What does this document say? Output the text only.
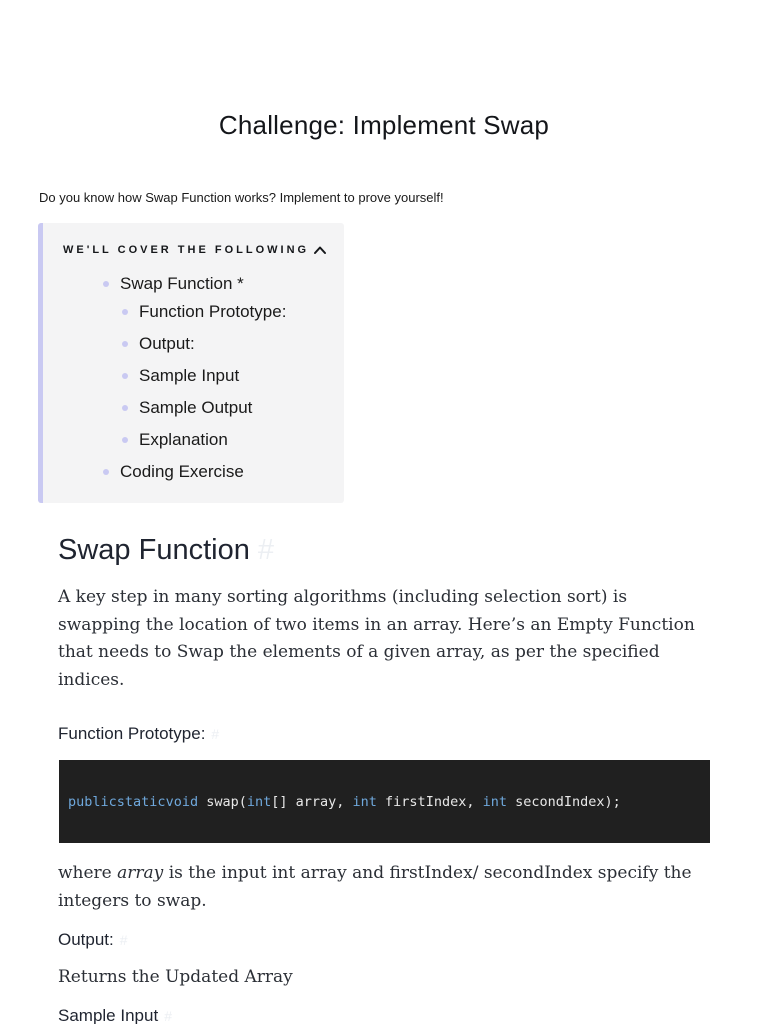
Challenge: Implement Swap

Do you know how Swap Function works? Implement to prove yourself!

WE'LL COVER THE FOLLOWING
Swap Function *
Function Prototype:
Output:
Sample Input
Sample Output
Explanation
Coding Exercise
Swap Function #

A key step in many sorting algorithms (including selection sort) is swapping the location of two items in an array. Here’s an Empty Function that needs to Swap the elements of a given array, as per the specified indices.

Function Prototype: #
public static void swap( int [] array, int firstIndex, int secondIndex);

where array is the input int array and firstIndex/ secondIndex specify the integers to swap.

Output: #

Returns the Updated Array

Sample Input #
